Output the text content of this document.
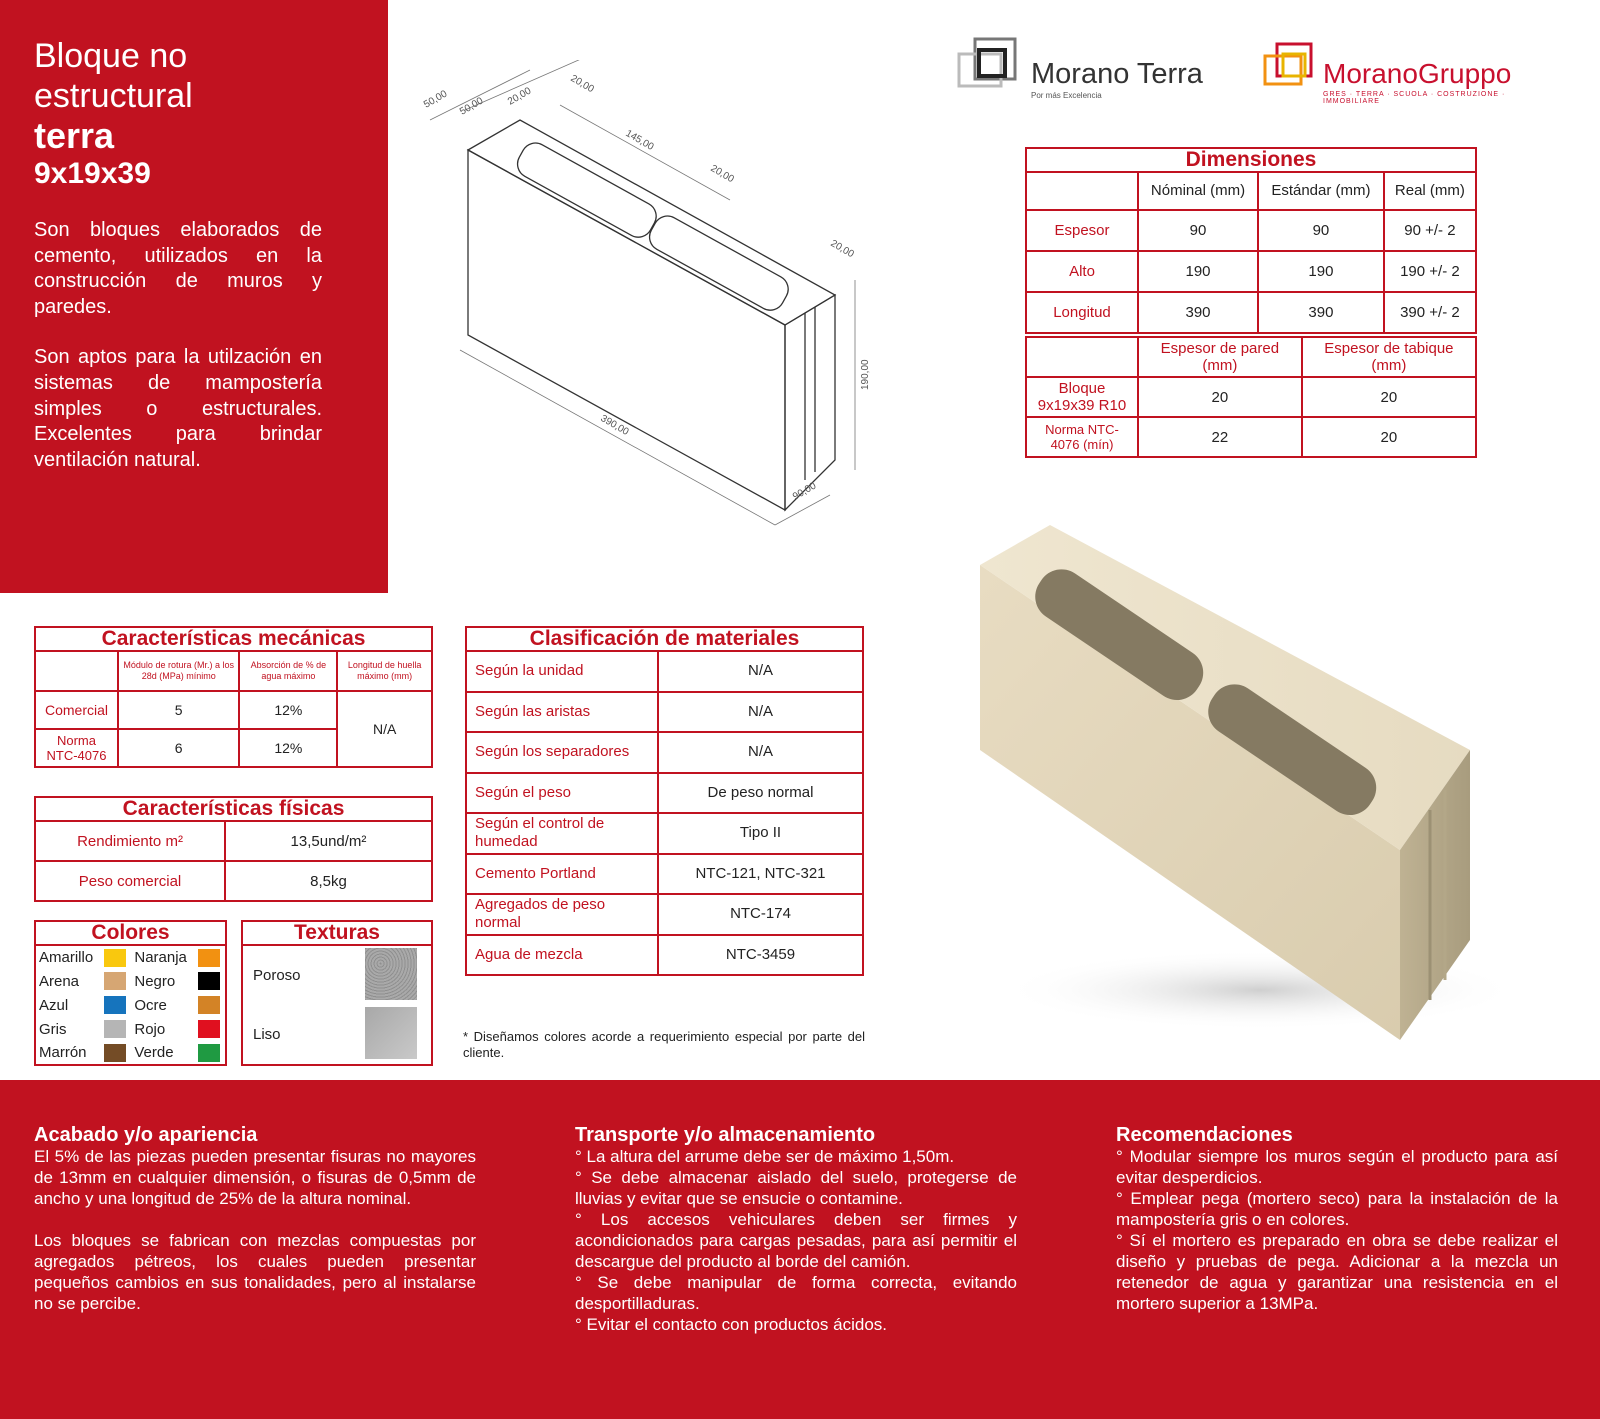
Bloque no estructural
terra
9x19x39

Son bloques elaborados de cemento, utilizados en la construcción de muros y paredes.

Son aptos para la utilzación en sistemas de mampostería simples o estructurales. Excelentes para brindar ventilación natural.

50,00 50,00 20,00
20,00
145,00
20,00
20,00
190,00
390,00
90,00
Morano Terra
Por más Excelencia
MoranoGruppo
GRES · TERRA · SCUOLA · COSTRUZIONE · IMMOBILIARE
Dimensiones			
	Nóminal (mm)	Estándar (mm)	Real (mm)
Espesor	90	90	90 +/- 2
Alto	190	190	190 +/- 2
Longitud	390	390	390 +/- 2
	Espesor de pared (mm)	Espesor de tabique (mm)
Bloque 9x19x39 R10	20	20
Norma NTC-4076 (mín)	22	20
Características mecánicas			
	Módulo de rotura (Mr.) a los 28d (MPa) mínimo	Absorción de % de agua máximo	Longitud de huella máximo (mm)
Comercial	5	12%	N/A
Norma NTC-4076	6	12%	
Características físicas	
Rendimiento m²	13,5und/m²
Peso comercial	8,5kg
Colores			
Amarillo		Naranja	
Arena		Negro	
Azul		Ocre	
Gris		Rojo	
Marrón		Verde	
Texturas	
Poroso	
Liso	
Clasificación de materiales	
Según la unidad	N/A
Según las aristas	N/A
Según los separadores	N/A
Según el peso	De peso normal
Según el control de humedad	Tipo II
Cemento Portland	NTC-121, NTC-321
Agregados de peso normal	NTC-174
Agua de mezcla	NTC-3459
* Diseñamos colores acorde a requerimiento especial por parte del cliente.
Acabado y/o apariencia

El 5% de las piezas pueden presentar fisuras no mayores de 13mm en cualquier dimensión, o fisuras de 0,5mm de ancho y una longitud de 25% de la altura nominal.

Los bloques se fabrican con mezclas compuestas por agregados pétreos, los cuales pueden presentar pequeños cambios en sus tonalidades, pero al instalarse no se percibe.

Transporte y/o almacenamiento

° La altura del arrume debe ser de máximo 1,50m.

° Se debe almacenar aislado del suelo, protegerse de lluvias y evitar que se ensucie o contamine.

° Los accesos vehiculares deben ser firmes y acondicionados para cargas pesadas, para así permitir el descargue del producto al borde del camión.

° Se debe manipular de forma correcta, evitando desportilladuras.

° Evitar el contacto con productos ácidos.

Recomendaciones

° Modular siempre los muros según el producto para así evitar desperdicios.

° Emplear pega (mortero seco) para la instalación de la mampostería gris o en colores.

° Sí el mortero es preparado en obra se debe realizar el diseño y pruebas de pega. Adicionar a la mezcla un retenedor de agua y garantizar una resistencia en el mortero superior a 13MPa.
